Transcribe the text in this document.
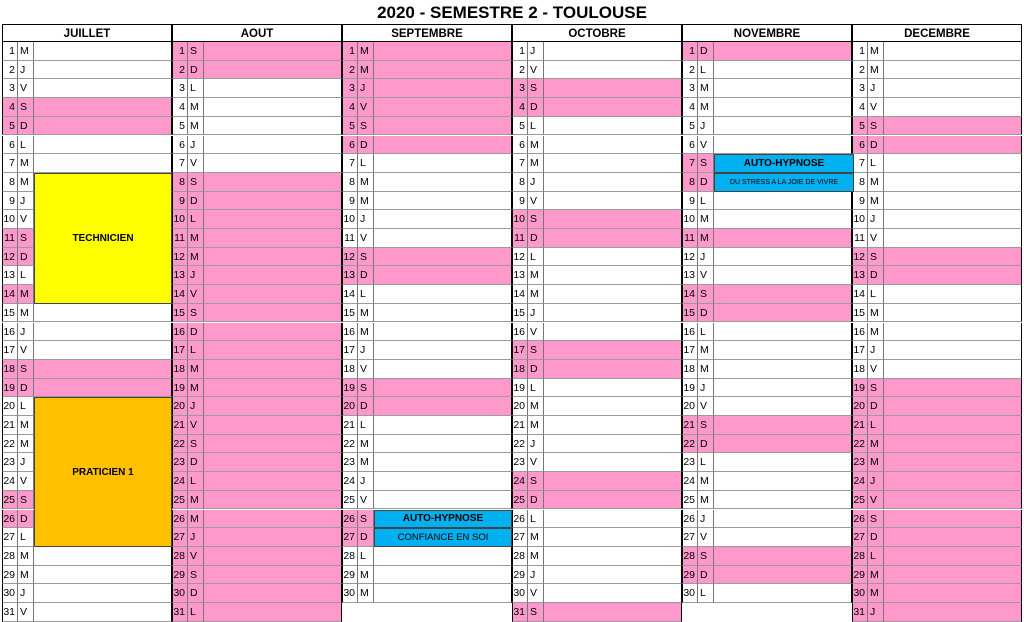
2020 - SEMESTRE 2 - TOULOUSE
JUILLET
1 M
2 J
3 V
4 S
5 D
6 L
7 M
8 M
9 J
10 V
11 S
12 D
13 L
14 M
15 M
16 J
17 V
18 S
19 D
20 L
21 M
22 M
23 J
24 V
25 S
26 D
27 L
28 M
29 M
30 J
31 V
AOUT
1 S
2 D
3 L
4 M
5 M
6 J
7 V
8 S
9 D
10 L
11 M
12 M
13 J
14 V
15 S
16 D
17 L
18 M
19 M
20 J
21 V
22 S
23 D
24 L
25 M
26 M
27 J
28 V
29 S
30 D
31 L
SEPTEMBRE
1 M
2 M
3 J
4 V
5 S
6 D
7 L
8 M
9 M
10 J
11 V
12 S
13 D
14 L
15 M
16 M
17 J
18 V
19 S
20 D
21 L
22 M
23 M
24 J
25 V
26 S
27 D
28 L
29 M
30 M
OCTOBRE
1 J
2 V
3 S
4 D
5 L
6 M
7 M
8 J
9 V
10 S
11 D
12 L
13 M
14 M
15 J
16 V
17 S
18 D
19 L
20 M
21 M
22 J
23 V
24 S
25 D
26 L
27 M
28 M
29 J
30 V
31 S
NOVEMBRE
1 D
2 L
3 M
4 M
5 J
6 V
7 S
8 D
9 L
10 M
11 M
12 J
13 V
14 S
15 D
16 L
17 M
18 M
19 J
20 V
21 S
22 D
23 L
24 M
25 M
26 J
27 V
28 S
29 D
30 L
DECEMBRE
1 M
2 M
3 J
4 V
5 S
6 D
7 L
8 M
9 M
10 J
11 V
12 S
13 D
14 L
15 M
16 M
17 J
18 V
19 S
20 D
21 L
22 M
23 M
24 J
25 V
26 S
27 D
28 L
29 M
30 M
31 J
TECHNICIEN
PRATICIEN 1
AUTO-HYPNOSE
CONFIANCE EN SOI
AUTO-HYPNOSE
DU STRESS A LA JOIE DE VIVRE
